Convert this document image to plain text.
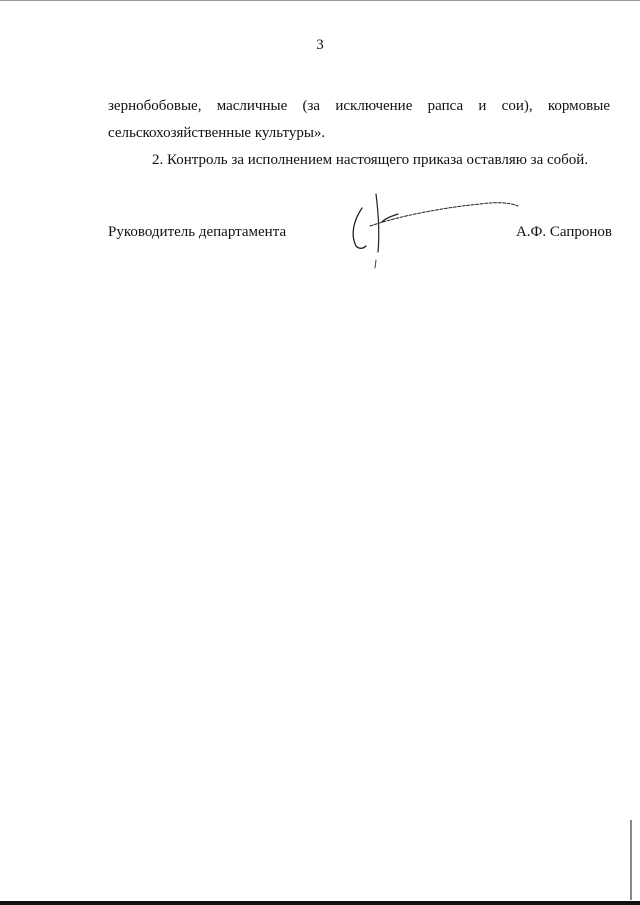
3
зернобобовые, масличные (за исключение рапса и сои), кормовые
сельскохозяйственные культуры».
2. Контроль за исполнением настоящего приказа оставляю за собой.
Руководитель департамента	А.Ф. Сапронов
